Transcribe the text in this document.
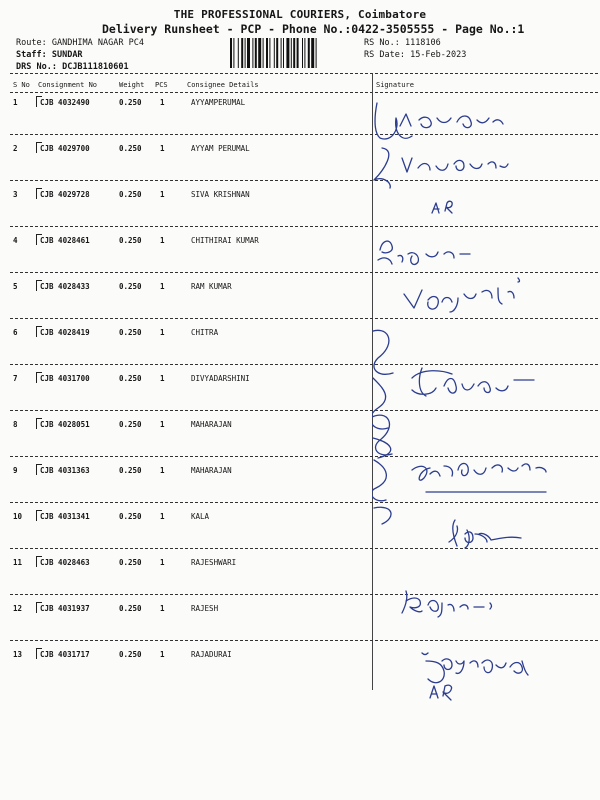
THE PROFESSIONAL COURIERS, Coimbatore
Delivery Runsheet - PCP - Phone No.:0422-3505555 - Page No.:1
Route: GANDHIMA NAGAR PC4
Staff: SUNDAR
DRS No.: DCJB111810601
RS No.: 1118106
RS Date: 15-Feb-2023
S No Consignment No	Weight PCS	Consignee Details	Signature
1	CJB 4032490	0.250 1	AYYAMPERUMAL
2	CJB 4029700	0.250 1	AYYAM PERUMAL
3	CJB 4029728	0.250 1	SIVA KRISHNAN
4	CJB 4028461	0.250 1	CHITHIRAI KUMAR
5	CJB 4028433	0.250 1	RAM KUMAR
6	CJB 4028419	0.250 1	CHITRA
7	CJB 4031700	0.250 1	DIVYADARSHINI
8	CJB 4028051	0.250 1	MAHARAJAN
9	CJB 4031363	0.250 1	MAHARAJAN
10 CJB 4031341	0.250 1	KALA
11 CJB 4028463	0.250 1	RAJESHWARI
12 CJB 4031937	0.250 1	RAJESH
13 CJB 4031717	0.250 1	RAJADURAI
